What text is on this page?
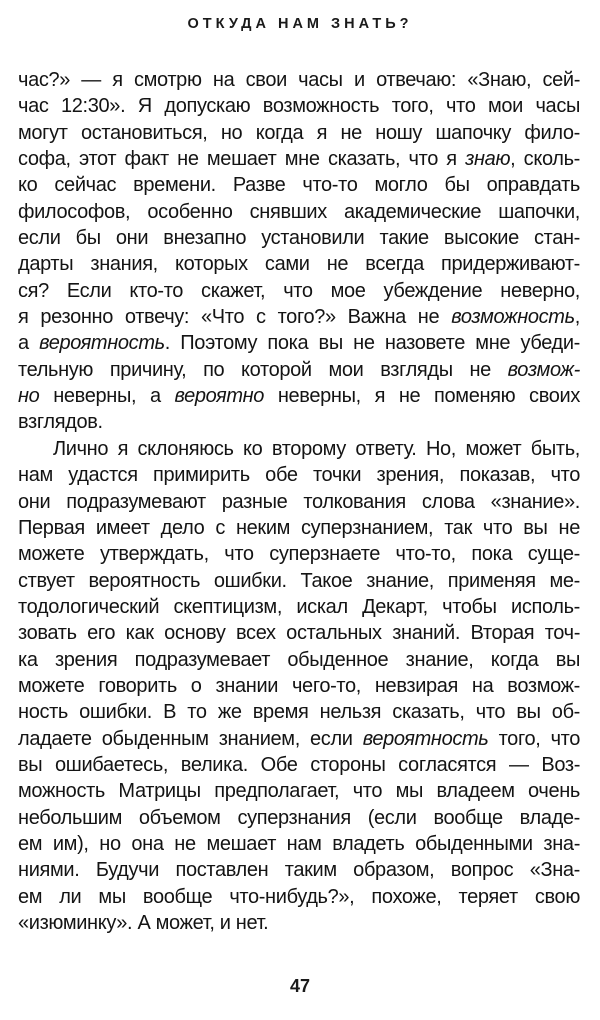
ОТКУДА НАМ ЗНАТЬ?
час?» — я смотрю на свои часы и отвечаю: «Знаю, сей-
час 12:30». Я допускаю возможность того, что мои часы
могут остановиться, но когда я не ношу шапочку фило-
софа, этот факт не мешает мне сказать, что я знаю, сколь-
ко сейчас времени. Разве что-то могло бы оправдать
философов, особенно снявших академические шапочки,
если бы они внезапно установили такие высокие стан-
дарты знания, которых сами не всегда придерживают-
ся? Если кто-то скажет, что мое убеждение неверно,
я резонно отвечу: «Что с того?» Важна не возможность,
а вероятность. Поэтому пока вы не назовете мне убеди-
тельную причину, по которой мои взгляды не возмож-
но неверны, а вероятно неверны, я не поменяю своих
взглядов.
Лично я склоняюсь ко второму ответу. Но, может быть,
нам удастся примирить обе точки зрения, показав, что
они подразумевают разные толкования слова «знание».
Первая имеет дело с неким суперзнанием, так что вы не
можете утверждать, что суперзнаете что-то, пока суще-
ствует вероятность ошибки. Такое знание, применяя ме-
тодологический скептицизм, искал Декарт, чтобы исполь-
зовать его как основу всех остальных знаний. Вторая точ-
ка зрения подразумевает обыденное знание, когда вы
можете говорить о знании чего-то, невзирая на возмож-
ность ошибки. В то же время нельзя сказать, что вы об-
ладаете обыденным знанием, если вероятность того, что
вы ошибаетесь, велика. Обе стороны согласятся — Воз-
можность Матрицы предполагает, что мы владеем очень
небольшим объемом суперзнания (если вообще владе-
ем им), но она не мешает нам владеть обыденными зна-
ниями. Будучи поставлен таким образом, вопрос «Зна-
ем ли мы вообще что-нибудь?», похоже, теряет свою
«изюминку». А может, и нет.
47
